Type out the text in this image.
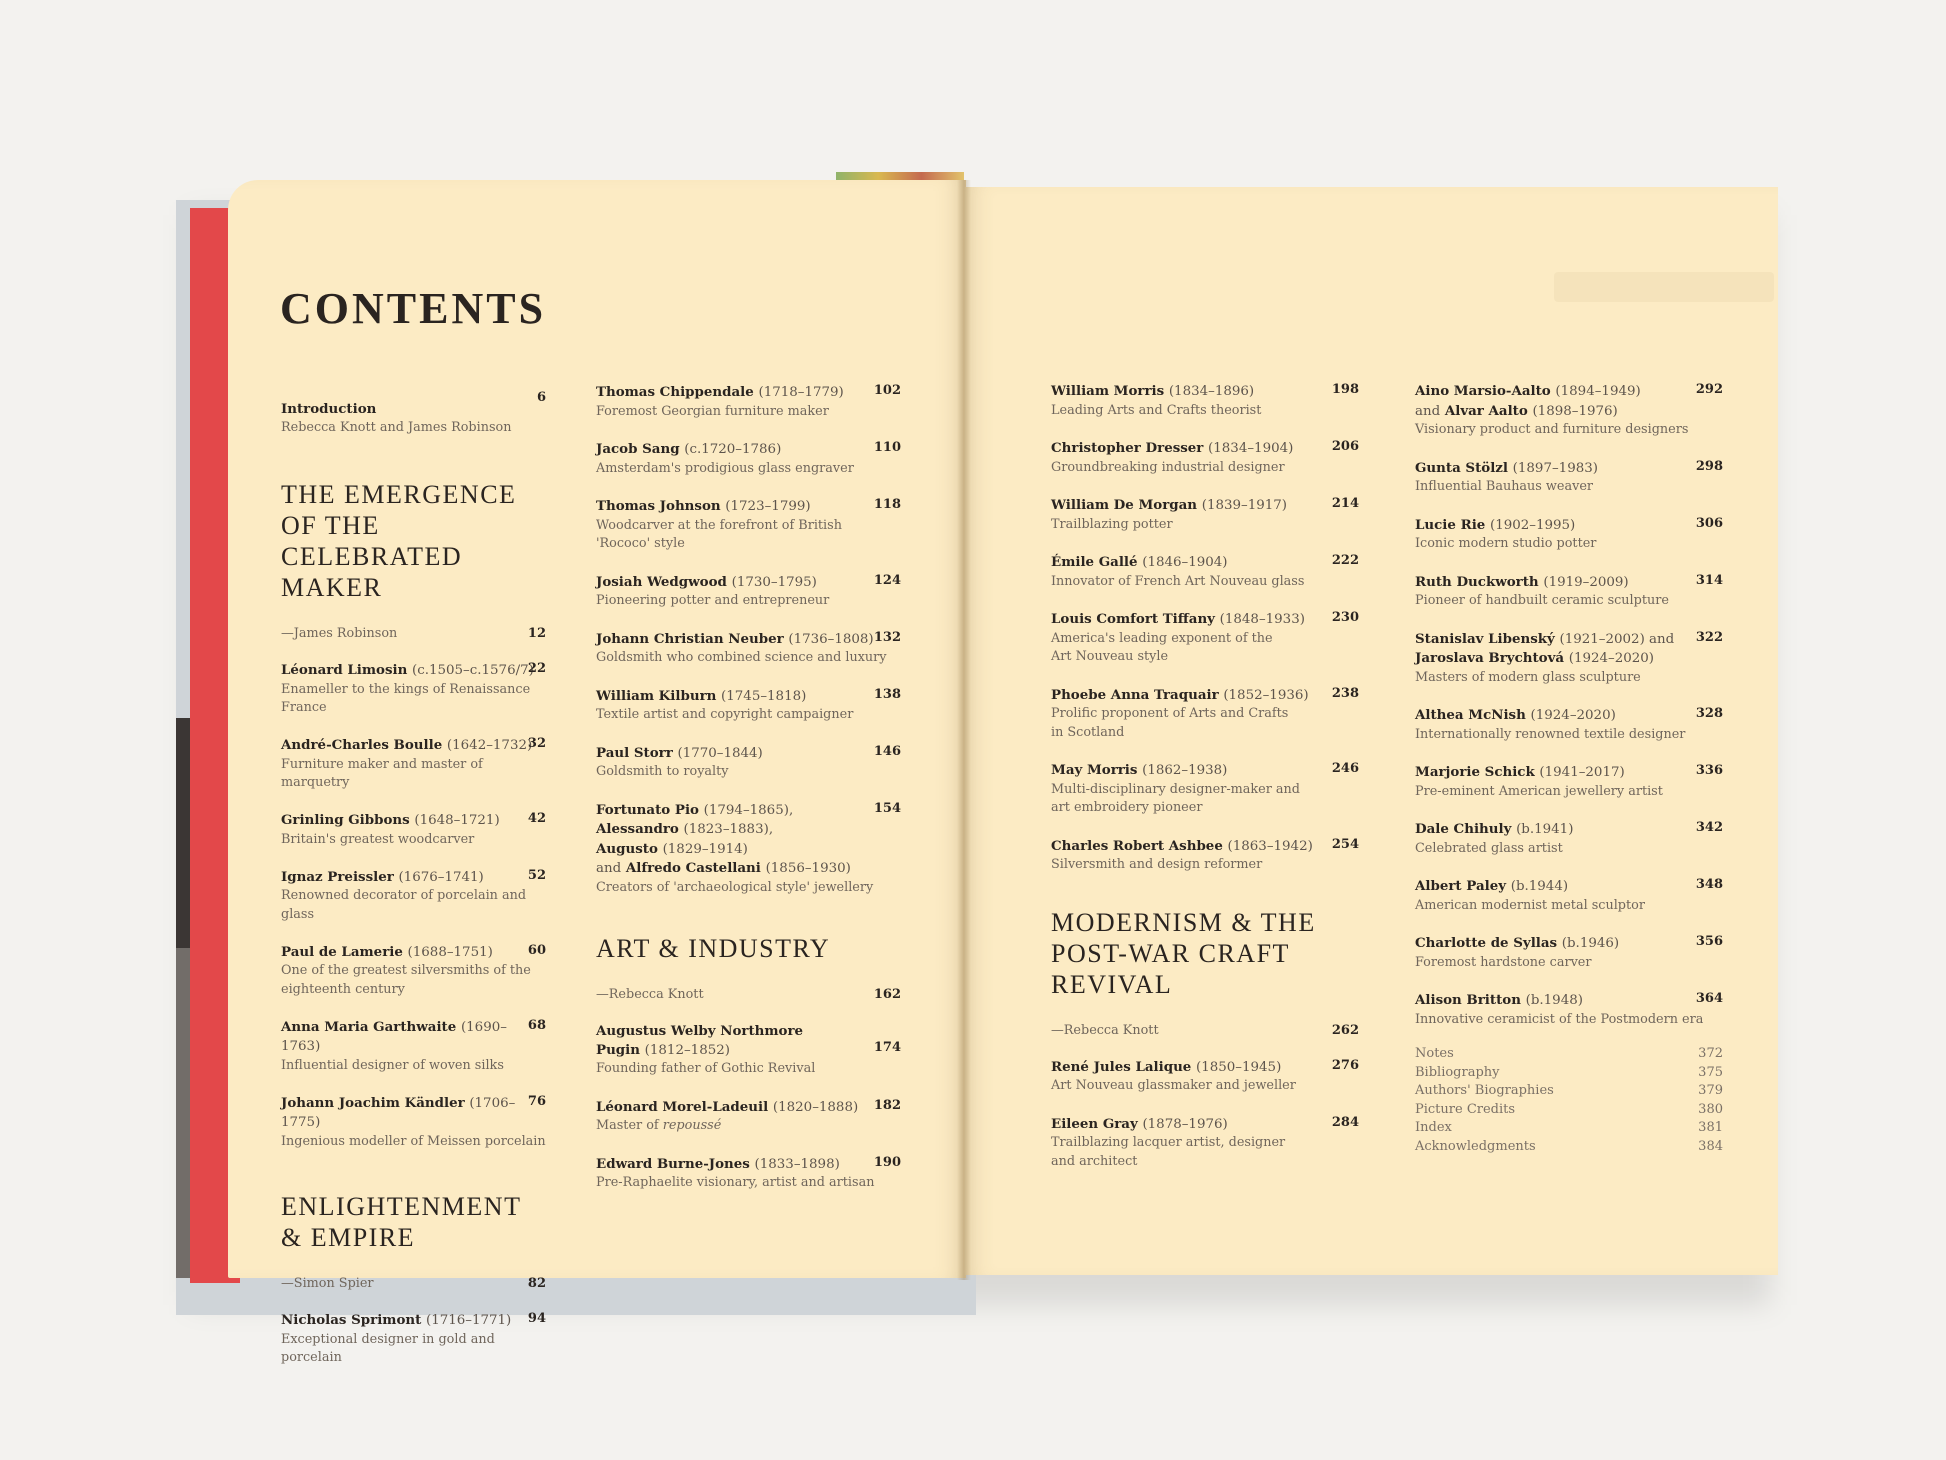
CONTENTS
Introduction
Rebecca Knott and James Robinson
6
THE EMERGENCE
OF THE CELEBRATED
MAKER
—James Robinson	12
Léonard Limosin (c.1505–c.1576/7)
Enameller to the kings of Renaissance France
22
André-Charles Boulle (1642–1732)
Furniture maker and master of marquetry
32
Grinling Gibbons (1648–1721)
Britain's greatest woodcarver
42
Ignaz Preissler (1676–1741)
Renowned decorator of porcelain and glass
52
Paul de Lamerie (1688–1751)
One of the greatest silversmiths of the
eighteenth century
60
Anna Maria Garthwaite (1690–1763)
Influential designer of woven silks
68
Johann Joachim Kändler (1706–1775)
Ingenious modeller of Meissen porcelain
76
ENLIGHTENMENT
& EMPIRE
—Simon Spier	82
Nicholas Sprimont (1716–1771)
Exceptional designer in gold and porcelain
94
Thomas Chippendale (1718–1779)
Foremost Georgian furniture maker
102
Jacob Sang (c.1720–1786)
Amsterdam's prodigious glass engraver
110
Thomas Johnson (1723–1799)
Woodcarver at the forefront of British
'Rococo' style
118
Josiah Wedgwood (1730–1795)
Pioneering potter and entrepreneur
124
Johann Christian Neuber (1736–1808)
Goldsmith who combined science and luxury
132
William Kilburn (1745–1818)
Textile artist and copyright campaigner
138
Paul Storr (1770–1844)
Goldsmith to royalty
146
Fortunato Pio (1794–1865),
Alessandro (1823–1883),
Augusto (1829–1914)
and Alfredo Castellani (1856–1930)
Creators of 'archaeological style' jewellery
154
ART & INDUSTRY
—Rebecca Knott	162
Augustus Welby Northmore
Pugin (1812–1852)
Founding father of Gothic Revival
174
Léonard Morel-Ladeuil (1820–1888)
Master of repoussé
182
Edward Burne-Jones (1833–1898)
Pre-Raphaelite visionary, artist and artisan
190
William Morris (1834–1896)
Leading Arts and Crafts theorist
198
Christopher Dresser (1834–1904)
Groundbreaking industrial designer
206
William De Morgan (1839–1917)
Trailblazing potter
214
Émile Gallé (1846–1904)
Innovator of French Art Nouveau glass
222
Louis Comfort Tiffany (1848–1933)
America's leading exponent of the
Art Nouveau style
230
Phoebe Anna Traquair (1852–1936)
Prolific proponent of Arts and Crafts
in Scotland
238
May Morris (1862–1938)
Multi-disciplinary designer-maker and
art embroidery pioneer
246
Charles Robert Ashbee (1863–1942)
Silversmith and design reformer
254
MODERNISM & THE
POST-WAR CRAFT
REVIVAL
—Rebecca Knott	262
René Jules Lalique (1850–1945)
Art Nouveau glassmaker and jeweller
276
Eileen Gray (1878–1976)
Trailblazing lacquer artist, designer
and architect
284
Aino Marsio-Aalto (1894–1949)
and Alvar Aalto (1898–1976)
Visionary product and furniture designers
292
Gunta Stölzl (1897–1983)
Influential Bauhaus weaver
298
Lucie Rie (1902–1995)
Iconic modern studio potter
306
Ruth Duckworth (1919–2009)
Pioneer of handbuilt ceramic sculpture
314
Stanislav Libenský (1921–2002) and
Jaroslava Brychtová (1924–2020)
Masters of modern glass sculpture
322
Althea McNish (1924–2020)
Internationally renowned textile designer
328
Marjorie Schick (1941–2017)
Pre-eminent American jewellery artist
336
Dale Chihuly (b.1941)
Celebrated glass artist
342
Albert Paley (b.1944)
American modernist metal sculptor
348
Charlotte de Syllas (b.1946)
Foremost hardstone carver
356
Alison Britton (b.1948)
Innovative ceramicist of the Postmodern era
364
Notes	372
Bibliography	375
Authors' Biographies	379
Picture Credits	380
Index	381
Acknowledgments	384
